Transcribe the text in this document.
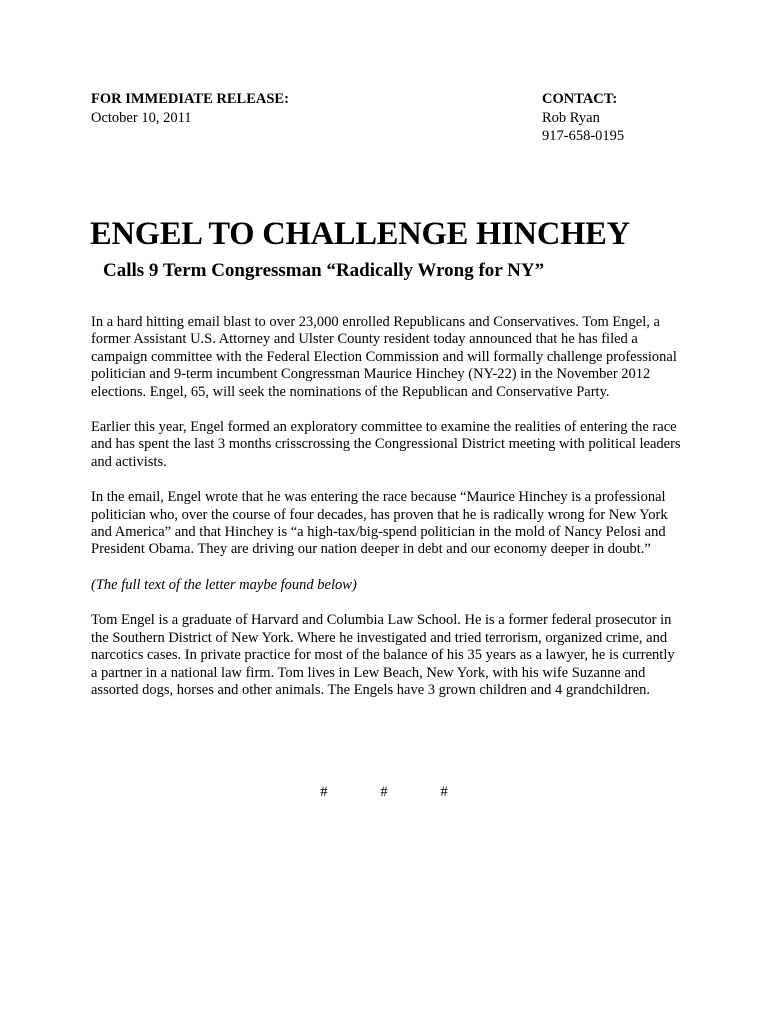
FOR IMMEDIATE RELEASE:
October 10, 2011
CONTACT:
Rob Ryan
917-658-0195
ENGEL TO CHALLENGE HINCHEY
Calls 9 Term Congressman “Radically Wrong for NY”

In a hard hitting email blast to over 23,000 enrolled Republicans and Conservatives. Tom Engel, a former Assistant U.S. Attorney and Ulster County resident today announced that he has filed a campaign committee with the Federal Election Commission and will formally challenge professional politician and 9-term incumbent Congressman Maurice Hinchey (NY-22) in the November 2012 elections. Engel, 65, will seek the nominations of the Republican and Conservative Party.

Earlier this year, Engel formed an exploratory committee to examine the realities of entering the race and has spent the last 3 months crisscrossing the Congressional District meeting with political leaders and activists.

In the email, Engel wrote that he was entering the race because “Maurice Hinchey is a professional politician who, over the course of four decades, has proven that he is radically wrong for New York and America” and that Hinchey is “a high-tax/big-spend politician in the mold of Nancy Pelosi and President Obama. They are driving our nation deeper in debt and our economy deeper in doubt.”

(The full text of the letter maybe found below)

Tom Engel is a graduate of Harvard and Columbia Law School. He is a former federal prosecutor in the Southern District of New York. Where he investigated and tried terrorism, organized crime, and narcotics cases. In private practice for most of the balance of his 35 years as a lawyer, he is currently a partner in a national law firm. Tom lives in Lew Beach, New York, with his wife Suzanne and assorted dogs, horses and other animals. The Engels have 3 grown children and 4 grandchildren.

#   #   #
